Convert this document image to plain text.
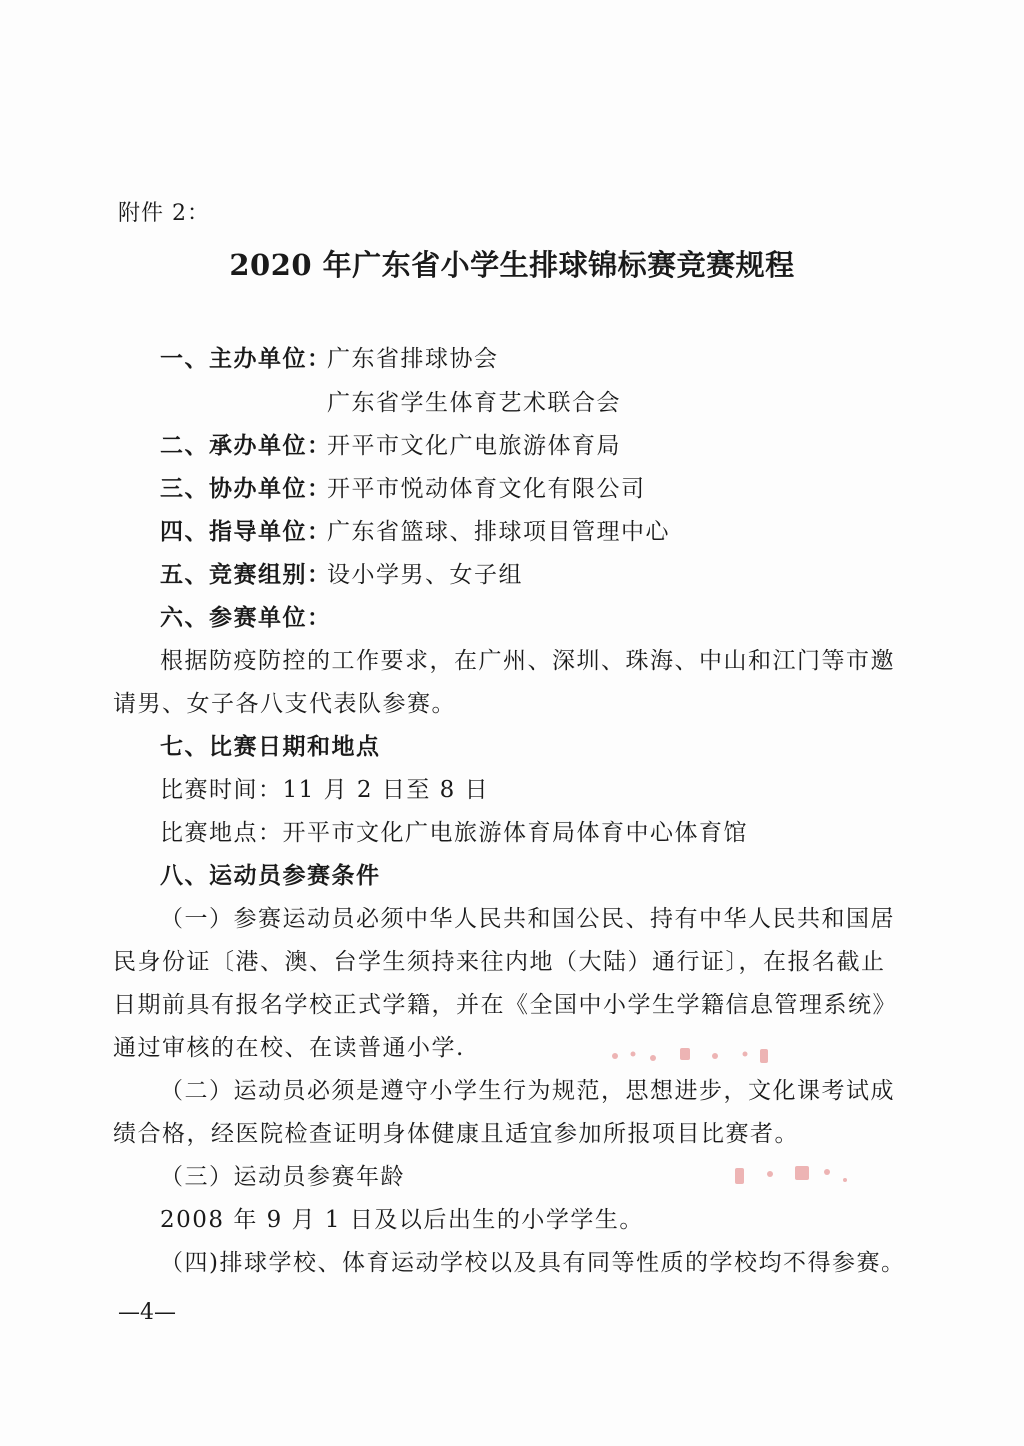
附件 2：
2020 年广东省小学生排球锦标赛竞赛规程
一、主办单位：
广东省排球协会
广东省学生体育艺术联合会
二、承办单位：
开平市文化广电旅游体育局
三、协办单位：
开平市悦动体育文化有限公司
四、指导单位：
广东省篮球、排球项目管理中心
五、竞赛组别：
设小学男、女子组
六、参赛单位：
根据防疫防控的工作要求，在广州、深圳、珠海、中山和江门等市邀
请男、女子各八支代表队参赛。
七、比赛日期和地点
比赛时间：11 月 2 日至 8 日
比赛地点：开平市文化广电旅游体育局体育中心体育馆
八、运动员参赛条件
（一）参赛运动员必须中华人民共和国公民、持有中华人民共和国居
民身份证〔港、澳、台学生须持来往内地（大陆）通行证〕，在报名截止
日期前具有报名学校正式学籍，并在《全国中小学生学籍信息管理系统》
通过审核的在校、在读普通小学.
（二）运动员必须是遵守小学生行为规范，思想进步，文化课考试成
绩合格，经医院检查证明身体健康且适宜参加所报项目比赛者。
（三）运动员参赛年龄
2008 年 9 月 1 日及以后出生的小学学生。
（四)排球学校、体育运动学校以及具有同等性质的学校均不得参赛。
—4—
